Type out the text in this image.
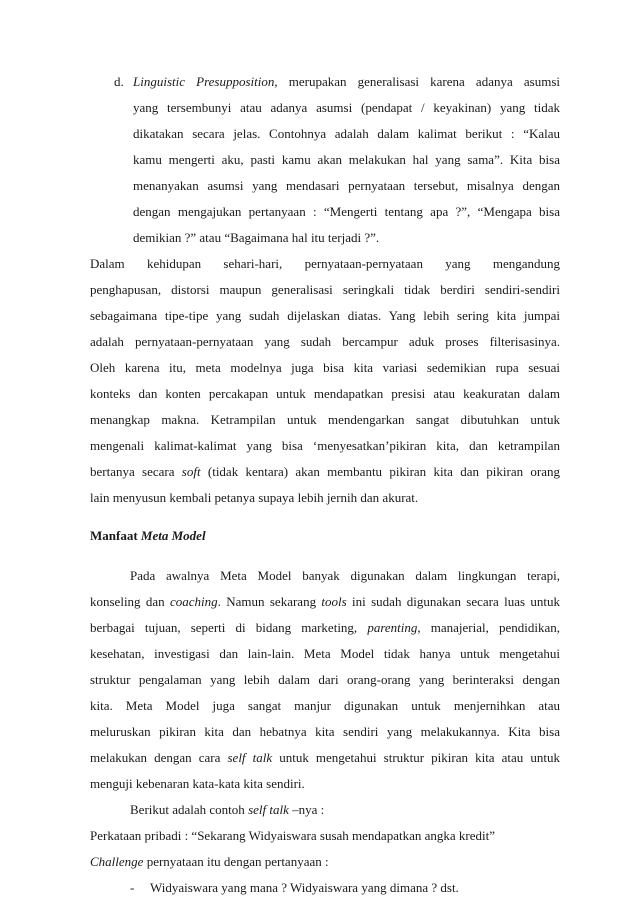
d. Linguistic Presupposition, merupakan generalisasi karena adanya asumsi
yang tersembunyi atau adanya asumsi (pendapat / keyakinan) yang tidak
dikatakan secara jelas. Contohnya adalah dalam kalimat berikut : “Kalau
kamu mengerti aku, pasti kamu akan melakukan hal yang sama”. Kita bisa
menanyakan asumsi yang mendasari pernyataan tersebut, misalnya dengan
dengan mengajukan pertanyaan : “Mengerti tentang apa ?”, “Mengapa bisa
demikian ?” atau “Bagaimana hal itu terjadi ?”.
Dalam kehidupan sehari-hari, pernyataan-pernyataan yang mengandung
penghapusan, distorsi maupun generalisasi seringkali tidak berdiri sendiri-sendiri
sebagaimana tipe-tipe yang sudah dijelaskan diatas. Yang lebih sering kita jumpai
adalah pernyataan-pernyataan yang sudah bercampur aduk proses filterisasinya.
Oleh karena itu, meta modelnya juga bisa kita variasi sedemikian rupa sesuai
konteks dan konten percakapan untuk mendapatkan presisi atau keakuratan dalam
menangkap makna. Ketrampilan untuk mendengarkan sangat dibutuhkan untuk
mengenali kalimat-kalimat yang bisa ‘menyesatkan’pikiran kita, dan ketrampilan
bertanya secara soft (tidak kentara) akan membantu pikiran kita dan pikiran orang
lain menyusun kembali petanya supaya lebih jernih dan akurat.
Manfaat Meta Model
Pada awalnya Meta Model banyak digunakan dalam lingkungan terapi,
konseling dan coaching. Namun sekarang tools ini sudah digunakan secara luas untuk
berbagai tujuan, seperti di bidang marketing, parenting, manajerial, pendidikan,
kesehatan, investigasi dan lain-lain. Meta Model tidak hanya untuk mengetahui
struktur pengalaman yang lebih dalam dari orang-orang yang berinteraksi dengan
kita. Meta Model juga sangat manjur digunakan untuk menjernihkan atau
meluruskan pikiran kita dan hebatnya kita sendiri yang melakukannya. Kita bisa
melakukan dengan cara self talk untuk mengetahui struktur pikiran kita atau untuk
menguji kebenaran kata-kata kita sendiri.
Berikut adalah contoh self talk –nya :
Perkataan pribadi : “Sekarang Widyaiswara susah mendapatkan angka kredit”
Challenge pernyataan itu dengan pertanyaan :
- Widyaiswara yang mana ? Widyaiswara yang dimana ? dst.
